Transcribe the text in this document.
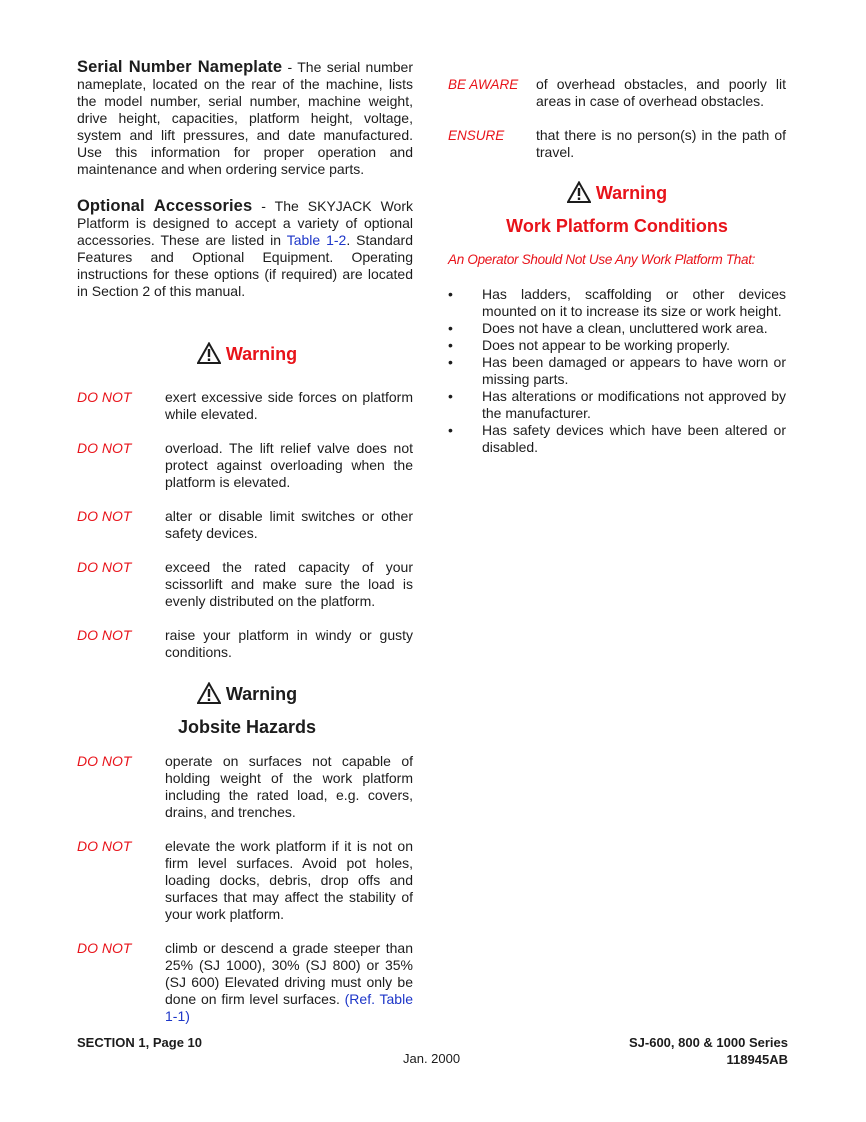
Serial Number Nameplate - The serial number nameplate, located on the rear of the machine, lists the model number, serial number, machine weight, drive height, capacities, platform height, voltage, system and lift pressures, and date manufactured. Use this information for proper operation and maintenance and when ordering service parts.

Optional Accessories - The SKYJACK Work Platform is designed to accept a variety of optional accessories. These are listed in Table 1-2. Standard Features and Optional Equipment. Operating instructions for these options (if required) are located in Section 2 of this manual.

Warning
DO NOT exert excessive side forces on platform while elevated.
DO NOT overload. The lift relief valve does not protect against overloading when the platform is elevated.
DO NOT alter or disable limit switches or other safety devices.
DO NOT exceed the rated capacity of your scissorlift and make sure the load is evenly distributed on the platform.
DO NOT raise your platform in windy or gusty conditions.
Warning
Jobsite Hazards
DO NOT operate on surfaces not capable of holding weight of the work platform including the rated load, e.g. covers, drains, and trenches.
DO NOT elevate the work platform if it is not on firm level surfaces. Avoid pot holes, loading docks, debris, drop offs and surfaces that may affect the stability of your work platform.
DO NOT climb or descend a grade steeper than 25% (SJ 1000), 30% (SJ 800) or 35% (SJ 600) Elevated driving must only be done on firm level surfaces. (Ref. Table 1-1)
BE AWARE of overhead obstacles, and poorly lit areas in case of overhead obstacles.
ENSURE that there is no person(s) in the path of travel.
Warning
Work Platform Conditions
An Operator Should Not Use Any Work Platform That:
• Has ladders, scaffolding or other devices mounted on it to increase its size or work height.
• Does not have a clean, uncluttered work area.
• Does not appear to be working properly.
• Has been damaged or appears to have worn or missing parts.
• Has alterations or modifications not approved by the manufacturer.
• Has safety devices which have been altered or disabled.
SECTION 1, Page 10
Jan. 2000
SJ-600, 800 & 1000 Series
118945AB
